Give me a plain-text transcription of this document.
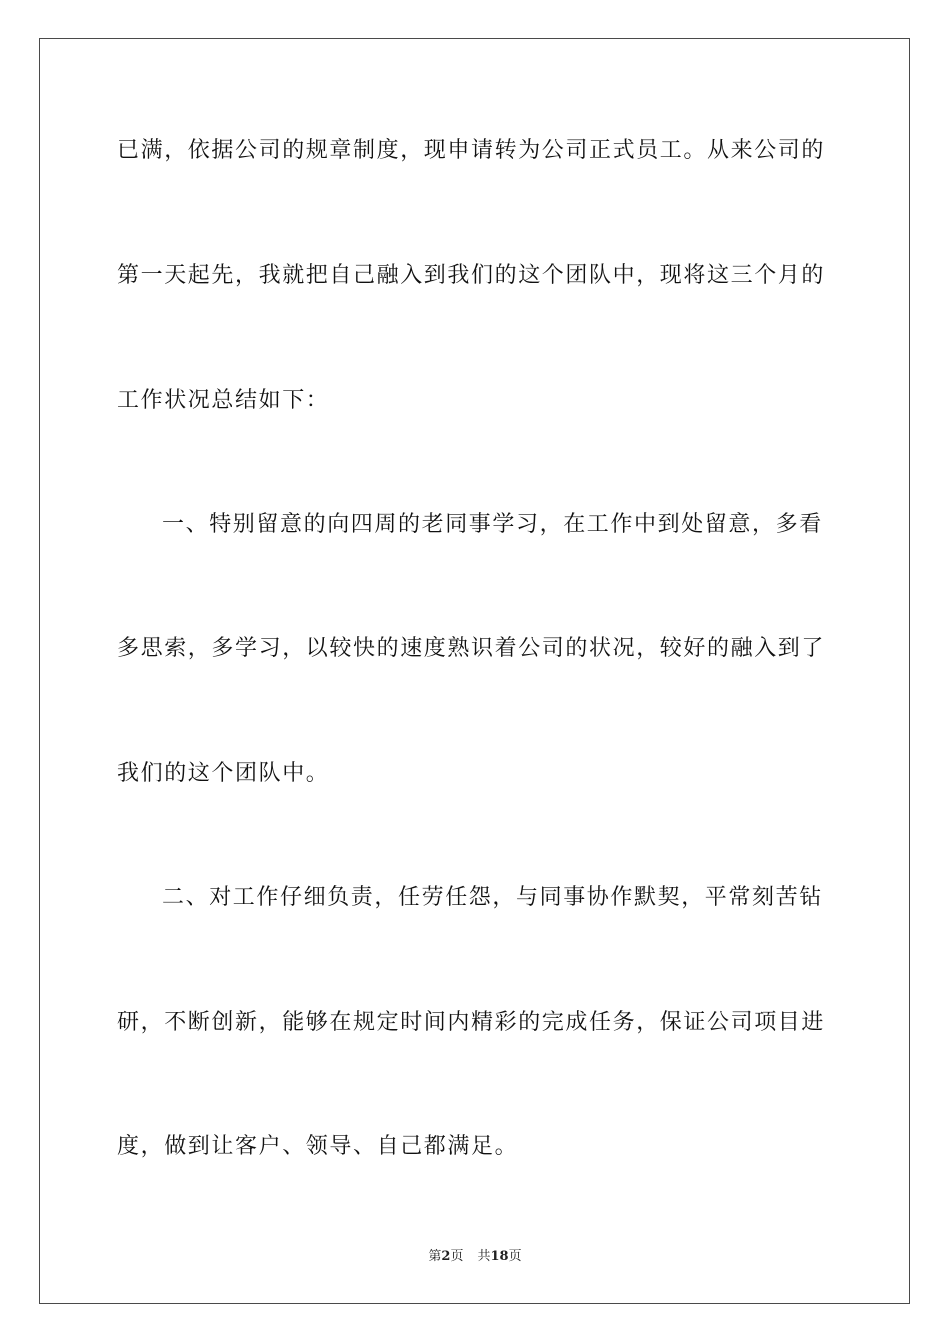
已满，依据公司的规章制度，现申请转为公司正式员工。从来公司的
第一天起先，我就把自己融入到我们的这个团队中，现将这三个月的
工作状况总结如下：
一、特别留意的向四周的老同事学习，在工作中到处留意，多看
多思索，多学习，以较快的速度熟识着公司的状况，较好的融入到了
我们的这个团队中。
二、对工作仔细负责，任劳任怨，与同事协作默契，平常刻苦钻
研，不断创新，能够在规定时间内精彩的完成任务，保证公司项目进
度，做到让客户、领导、自己都满足。
第2页 共18页
